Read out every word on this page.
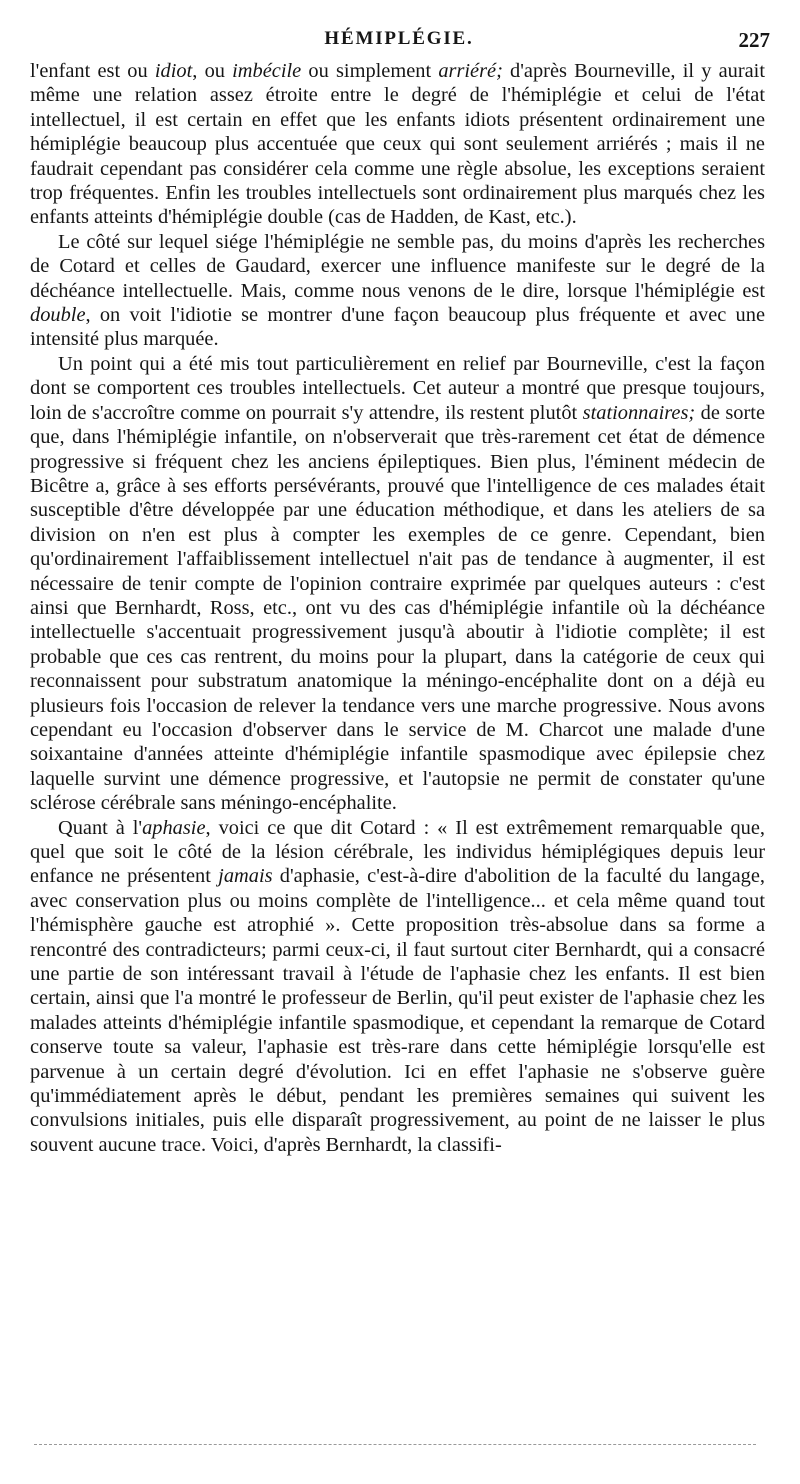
HÉMIPLÉGIE.	227

l'enfant est ou idiot, ou imbécile ou simplement arriéré; d'après Bourneville, il y aurait même une relation assez étroite entre le degré de l'hémiplégie et celui de l'état intellectuel, il est certain en effet que les enfants idiots présentent ordinairement une hémiplégie beaucoup plus accentuée que ceux qui sont seulement arriérés ; mais il ne faudrait cependant pas considérer cela comme une règle absolue, les exceptions seraient trop fréquentes. Enfin les troubles intellectuels sont ordinairement plus marqués chez les enfants atteints d'hémiplégie double (cas de Hadden, de Kast, etc.).

Le côté sur lequel siége l'hémiplégie ne semble pas, du moins d'après les recherches de Cotard et celles de Gaudard, exercer une influence manifeste sur le degré de la déchéance intellectuelle. Mais, comme nous venons de le dire, lorsque l'hémiplégie est double, on voit l'idiotie se montrer d'une façon beaucoup plus fréquente et avec une intensité plus marquée.

Un point qui a été mis tout particulièrement en relief par Bourneville, c'est la façon dont se comportent ces troubles intellectuels. Cet auteur a montré que presque toujours, loin de s'accroître comme on pourrait s'y attendre, ils restent plutôt stationnaires; de sorte que, dans l'hémiplégie infantile, on n'observerait que très-rarement cet état de démence progressive si fréquent chez les anciens épileptiques. Bien plus, l'éminent médecin de Bicêtre a, grâce à ses efforts persévérants, prouvé que l'intelligence de ces malades était susceptible d'être développée par une éducation méthodique, et dans les ateliers de sa division on n'en est plus à compter les exemples de ce genre. Cependant, bien qu'ordinairement l'affaiblissement intellectuel n'ait pas de tendance à augmenter, il est nécessaire de tenir compte de l'opinion contraire exprimée par quelques auteurs : c'est ainsi que Bernhardt, Ross, etc., ont vu des cas d'hémiplégie infantile où la déchéance intellectuelle s'accentuait progressivement jusqu'à aboutir à l'idiotie complète; il est probable que ces cas rentrent, du moins pour la plupart, dans la catégorie de ceux qui reconnaissent pour substratum anatomique la méningo-encéphalite dont on a déjà eu plusieurs fois l'occasion de relever la tendance vers une marche progressive. Nous avons cependant eu l'occasion d'observer dans le service de M. Charcot une malade d'une soixantaine d'années atteinte d'hémiplégie infantile spasmodique avec épilepsie chez laquelle survint une démence progressive, et l'autopsie ne permit de constater qu'une sclérose cérébrale sans méningo-encéphalite.

Quant à l'aphasie, voici ce que dit Cotard : « Il est extrêmement remarquable que, quel que soit le côté de la lésion cérébrale, les individus hémiplégiques depuis leur enfance ne présentent jamais d'aphasie, c'est-à-dire d'abolition de la faculté du langage, avec conservation plus ou moins complète de l'intelligence... et cela même quand tout l'hémisphère gauche est atrophié ». Cette proposition très-absolue dans sa forme a rencontré des contradicteurs; parmi ceux-ci, il faut surtout citer Bernhardt, qui a consacré une partie de son intéressant travail à l'étude de l'aphasie chez les enfants. Il est bien certain, ainsi que l'a montré le professeur de Berlin, qu'il peut exister de l'aphasie chez les malades atteints d'hémiplégie infantile spasmodique, et cependant la remarque de Cotard conserve toute sa valeur, l'aphasie est très-rare dans cette hémiplégie lorsqu'elle est parvenue à un certain degré d'évolution. Ici en effet l'aphasie ne s'observe guère qu'immédiatement après le début, pendant les premières semaines qui suivent les convulsions initiales, puis elle disparaît progressivement, au point de ne laisser le plus souvent aucune trace. Voici, d'après Bernhardt, la classifi-
